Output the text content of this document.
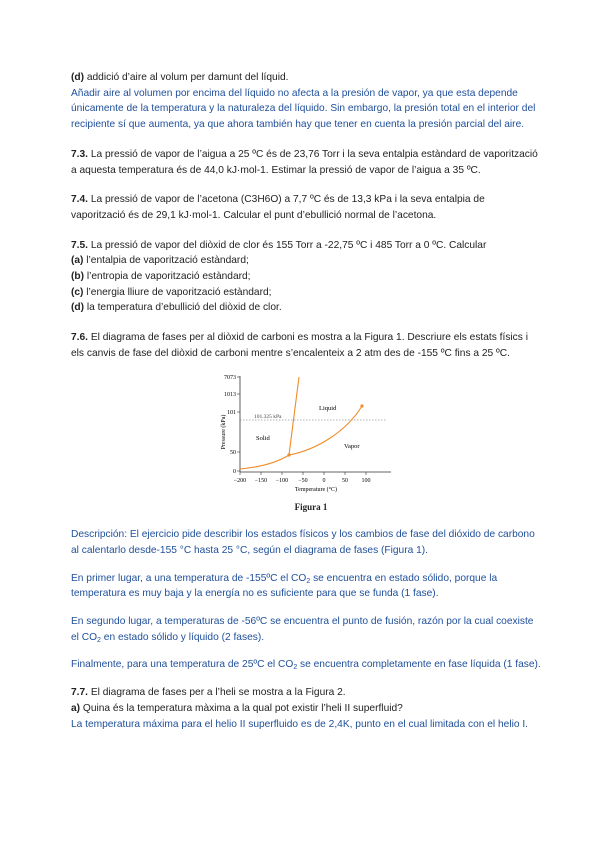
(d) addició d’aire al volum per damunt del líquid.

Añadir aire al volumen por encima del líquido no afecta a la presión de vapor, ya que esta depende únicamente de la temperatura y la naturaleza del líquido. Sin embargo, la presión total en el interior del recipiente sí que aumenta, ya que ahora también hay que tener en cuenta la presión parcial del aire.

7.3. La pressió de vapor de l’aigua a 25 ºC és de 23,76 Torr i la seva entalpia estàndard de vaporització a aquesta temperatura és de 44,0 kJ·mol-1. Estimar la pressió de vapor de l’aigua a 35 ºC.

7.4. La pressió de vapor de l’acetona (C3H6O) a 7,7 ºC és de 13,3 kPa i la seva entalpia de vaporització és de 29,1 kJ·mol-1. Calcular el punt d’ebullició normal de l’acetona.

7.5. La pressió de vapor del diòxid de clor és 155 Torr a -22,75 ºC i 485 Torr a 0 ºC. Calcular

(a) l’entalpia de vaporització estàndard;

(b) l’entropia de vaporització estàndard;

(c) l’energia lliure de vaporització estàndard;

(d) la temperatura d’ebullició del diòxid de clor.

7.6. El diagrama de fases per al diòxid de carboni es mostra a la Figura 1. Descriure els estats físics i els canvis de fase del diòxid de carboni mentre s’encalenteix a 2 atm des de -155 ºC fins a 25 ºC.

7073
1013
101
50
0
Pressure (kPa)
−200 −150 −100 −50 0	50 100
Temperature (°C)
101.325 kPa
Liquid
Solid
Vapor
Figura 1

Descripción: El ejercicio pide describir los estados físicos y los cambios de fase del dióxido de carbono al calentarlo desde-155 °C hasta 25 °C, según el diagrama de fases (Figura 1).

En primer lugar, a una temperatura de -155ºC el $CO_2$ se encuentra en estado sólido, porque la temperatura es muy baja y la energía no es suficiente para que se funda (1 fase).

En segundo lugar, a temperaturas de -56ºC se encuentra el punto de fusión, razón por la cual coexiste el $CO_2$ en estado sólido y líquido (2 fases).

Finalmente, para una temperatura de 25ºC el $CO_2$ se encuentra completamente en fase líquida (1 fase).

7.7. El diagrama de fases per a l’heli se mostra a la Figura 2.

a) Quina és la temperatura màxima a la qual pot existir l’heli II superfluid?

La temperatura máxima para el helio II superfluido es de 2,4K, punto en el cual limitada con el helio I.
